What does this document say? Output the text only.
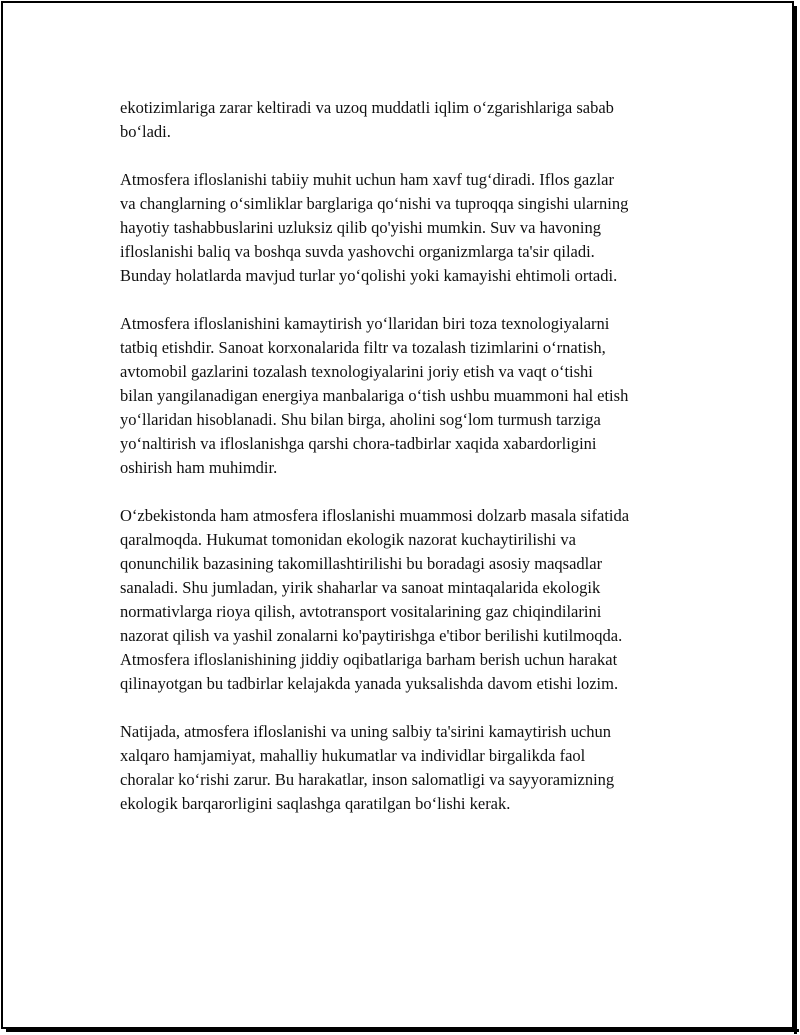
ekotizimlariga zarar keltiradi va uzoq muddatli iqlim o‘zgarishlariga sabab
bo‘ladi.

Atmosfera ifloslanishi tabiiy muhit uchun ham xavf tug‘diradi. Iflos gazlar
va changlarning o‘simliklar barglariga qo‘nishi va tuproqqa singishi ularning
hayotiy tashabbuslarini uzluksiz qilib qo'yishi mumkin. Suv va havoning
ifloslanishi baliq va boshqa suvda yashovchi organizmlarga ta'sir qiladi.
Bunday holatlarda mavjud turlar yo‘qolishi yoki kamayishi ehtimoli ortadi.

Atmosfera ifloslanishini kamaytirish yo‘llaridan biri toza texnologiyalarni
tatbiq etishdir. Sanoat korxonalarida filtr va tozalash tizimlarini o‘rnatish,
avtomobil gazlarini tozalash texnologiyalarini joriy etish va vaqt o‘tishi
bilan yangilanadigan energiya manbalariga o‘tish ushbu muammoni hal etish
yo‘llaridan hisoblanadi. Shu bilan birga, aholini sog‘lom turmush tarziga
yo‘naltirish va ifloslanishga qarshi chora-tadbirlar xaqida xabardorligini
oshirish ham muhimdir.

O‘zbekistonda ham atmosfera ifloslanishi muammosi dolzarb masala sifatida
qaralmoqda. Hukumat tomonidan ekologik nazorat kuchaytirilishi va
qonunchilik bazasining takomillashtirilishi bu boradagi asosiy maqsadlar
sanaladi. Shu jumladan, yirik shaharlar va sanoat mintaqalarida ekologik
normativlarga rioya qilish, avtotransport vositalarining gaz chiqindilarini
nazorat qilish va yashil zonalarni ko'paytirishga e'tibor berilishi kutilmoqda.
Atmosfera ifloslanishining jiddiy oqibatlariga barham berish uchun harakat
qilinayotgan bu tadbirlar kelajakda yanada yuksalishda davom etishi lozim.

Natijada, atmosfera ifloslanishi va uning salbiy ta'sirini kamaytirish uchun
xalqaro hamjamiyat, mahalliy hukumatlar va individlar birgalikda faol
choralar ko‘rishi zarur. Bu harakatlar, inson salomatligi va sayyoramizning
ekologik barqarorligini saqlashga qaratilgan bo‘lishi kerak.
